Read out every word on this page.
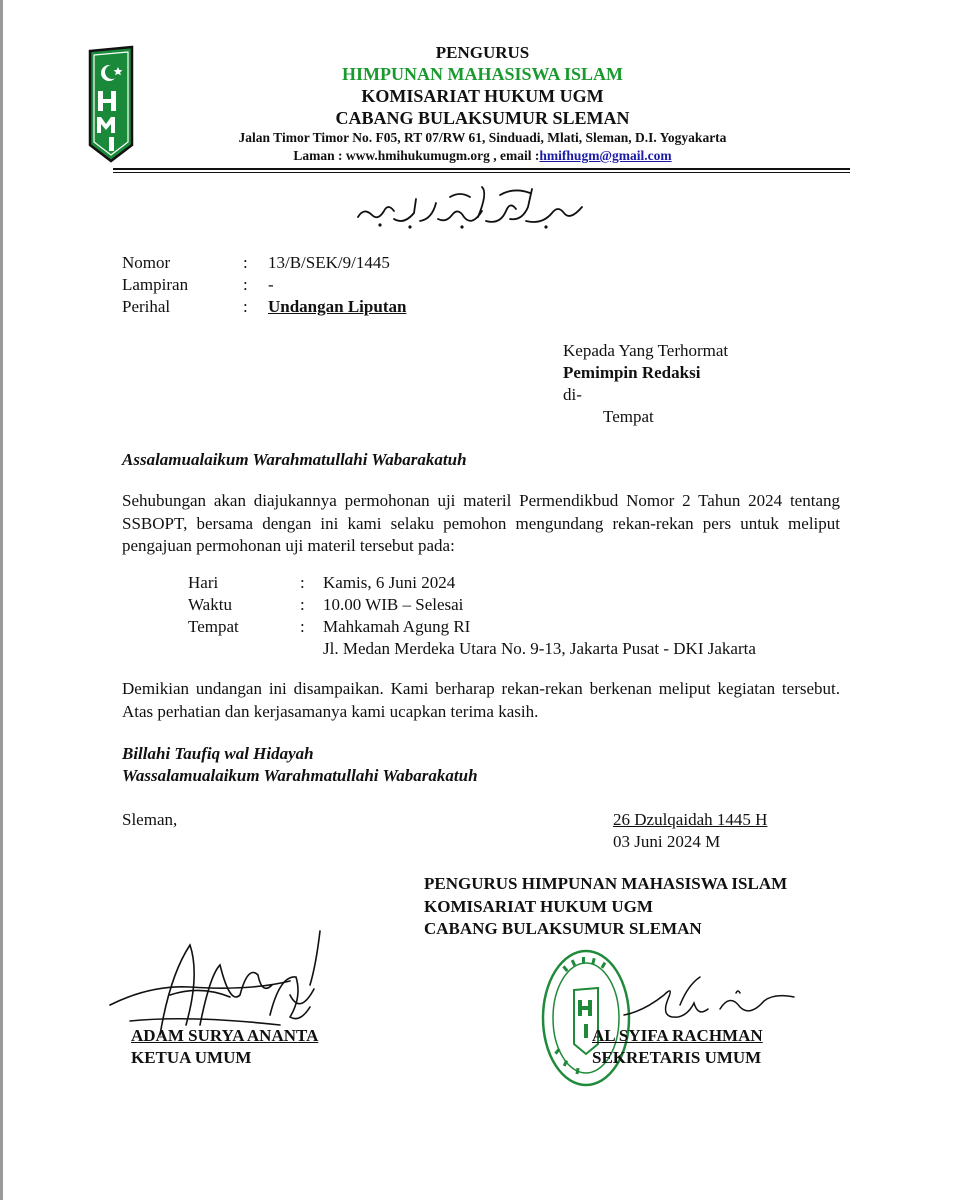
PENGURUS
HIMPUNAN MAHASISWA ISLAM
KOMISARIAT HUKUM UGM
CABANG BULAKSUMUR SLEMAN
Jalan Timor Timor No. F05, RT 07/RW 61, Sinduadi, Mlati, Sleman, D.I. Yogyakarta
Laman : www.hmihukumugm.org , email :hmifhugm@gmail.com
Nomor	: 13/B/SEK/9/1445
Lampiran	: -
Perihal	: Undangan Liputan
Kepada Yang Terhormat
Pemimpin Redaksi
di-
Tempat
Assalamualaikum Warahmatullahi Wabarakatuh

Sehubungan akan diajukannya permohonan uji materil Permendikbud Nomor 2 Tahun 2024 tentang SSBOPT, bersama dengan ini kami selaku pemohon mengundang rekan-rekan pers untuk meliput pengajuan permohonan uji materil tersebut pada:

Hari	: Kamis, 6 Juni 2024
Waktu	: 10.00 WIB – Selesai
Tempat	: Mahkamah Agung RI
Jl. Medan Merdeka Utara No. 9-13, Jakarta Pusat - DKI Jakarta

Demikian undangan ini disampaikan. Kami berharap rekan-rekan berkenan meliput kegiatan tersebut. Atas perhatian dan kerjasamanya kami ucapkan terima kasih.

Billahi Taufiq wal Hidayah
Wassalamualaikum Warahmatullahi Wabarakatuh
Sleman,	26 Dzulqaidah 1445 H
03 Juni 2024 M
PENGURUS HIMPUNAN MAHASISWA ISLAM
KOMISARIAT HUKUM UGM
CABANG BULAKSUMUR SLEMAN
ADAM SURYA ANANTA
KETUA UMUM
AL SYIFA RACHMAN
SEKRETARIS UMUM
